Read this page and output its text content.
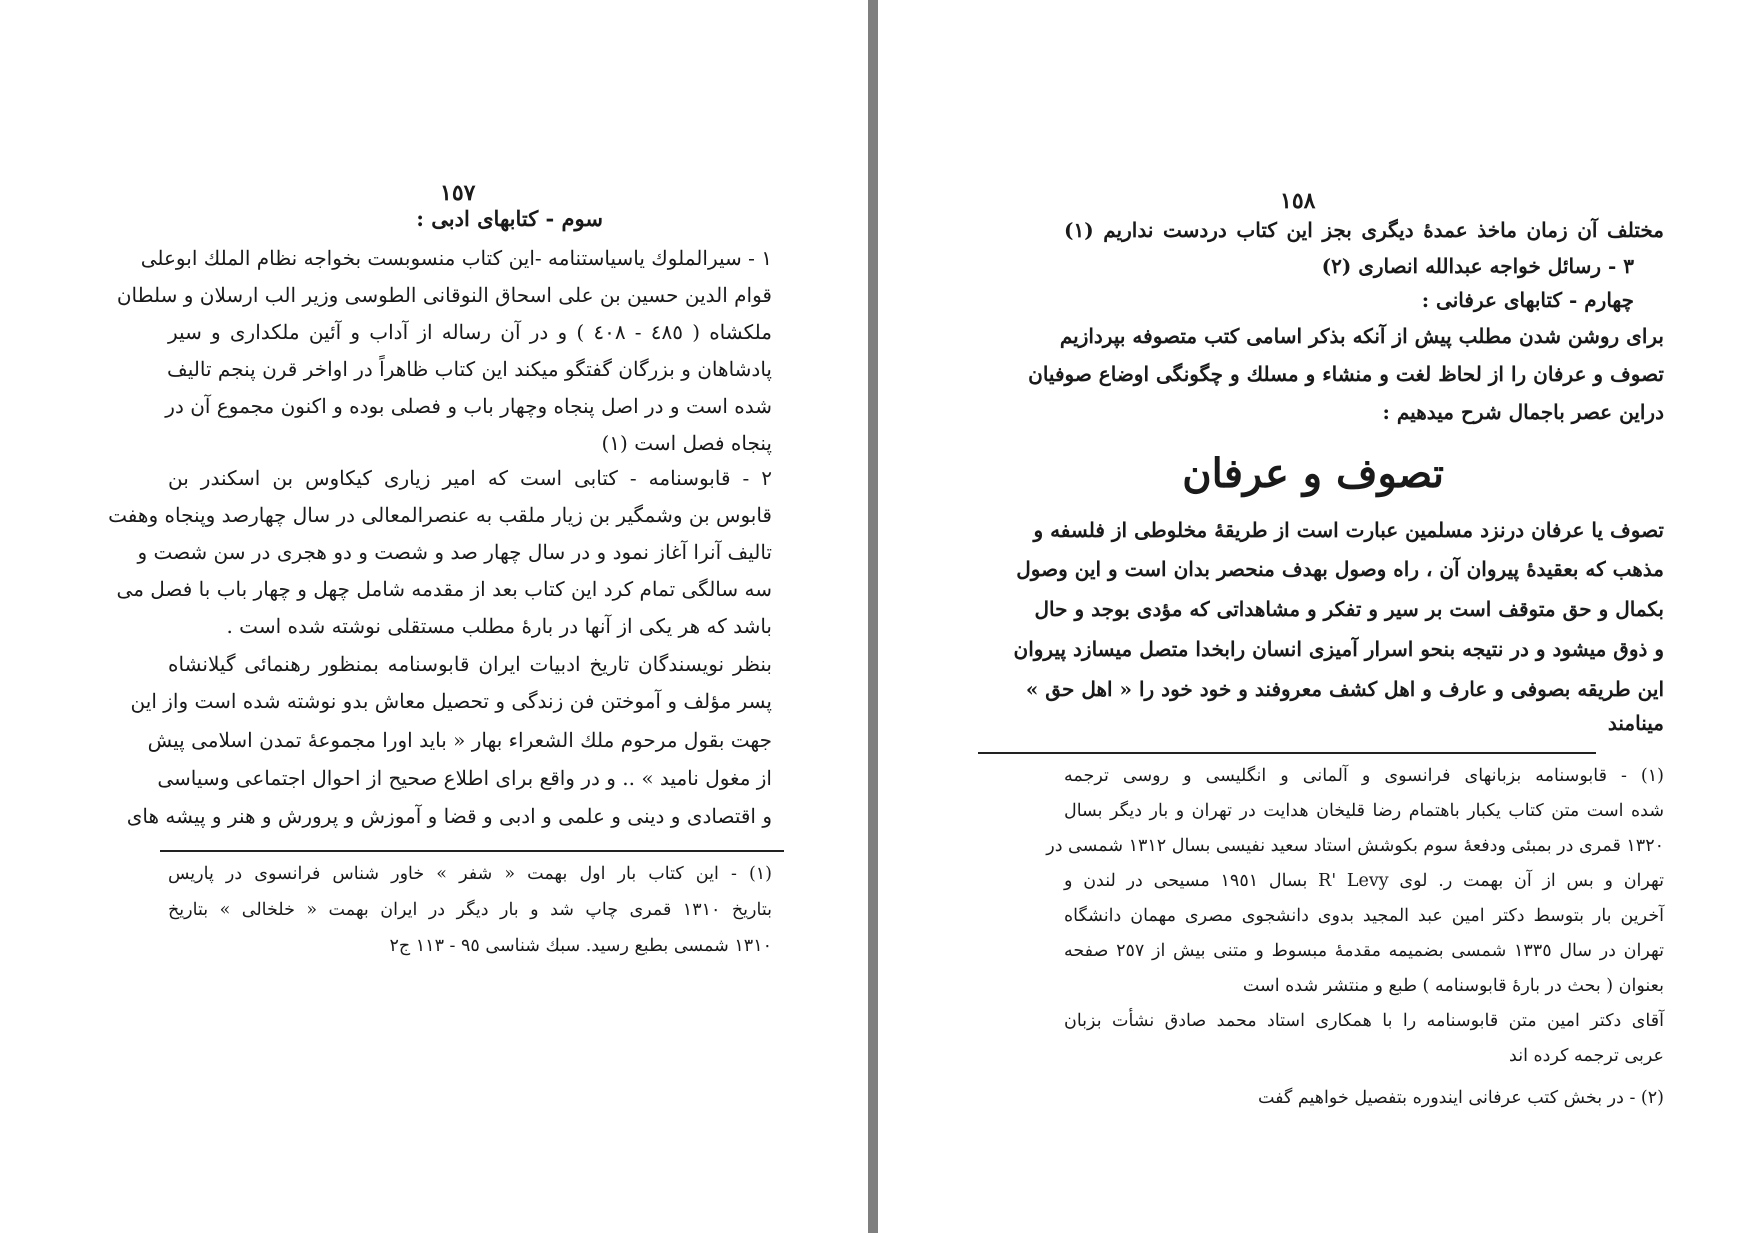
١٥٧
سوم - کتابهای ادبی :
١ - سیرالملوك یاسیاستنامه -این کتاب منسوبست بخواجه نظام الملك ابوعلی
قوام الدین حسین بن علی اسحاق النوقانی الطوسی وزیر الب ارسلان و سلطان
ملکشاه ( ٤٨٥ - ٤٠٨ ) و در آن رساله از آداب و آئین ملکداری و سیر
پادشاهان و بزرگان گفتگو میکند این کتاب ظاهراً در اواخر قرن پنجم تالیف
شده است و در اصل پنجاه وچهار باب و فصلی بوده و اکنون مجموع آن در
پنجاه فصل است (١)
٢ - قابوسنامه - کتابی است که امیر زیاری کیکاوس بن اسکندر بن
قابوس بن وشمگیر بن زیار ملقب به عنصرالمعالی در سال چهارصد وپنجاه وهفت
تالیف آنرا آغاز نمود و در سال چهار صد و شصت و دو هجری در سن شصت و
سه سالگی تمام کرد این کتاب بعد از مقدمه شامل چهل و چهار باب با فصل می
باشد که هر یکی از آنها در بارهٔ مطلب مستقلی نوشته شده است .
بنظر نویسندگان تاریخ ادبیات ایران قابوسنامه بمنظور رهنمائی گیلانشاه
پسر مؤلف و آموختن فن زندگی و تحصیل معاش بدو نوشته شده است واز این
جهت بقول مرحوم ملك الشعراء بهار « باید اورا مجموعهٔ تمدن اسلامی پیش
از مغول نامید » .. و در واقع برای اطلاع صحیح از احوال اجتماعی وسیاسی
و اقتصادی و دینی و علمی و ادبی و قضا و آموزش و پرورش و هنر و پیشه های
(١) - این کتاب بار اول بهمت « شفر » خاور شناس فرانسوی در پاریس
بتاریخ ١٣١٠ قمری چاپ شد و بار دیگر در ایران بهمت « خلخالی » بتاریخ
١٣١٠ شمسی بطبع رسید. سبك شناسی ٩٥ - ١١٣ ج٢
١٥٨
مختلف آن زمان ماخذ عمدهٔ دیگری بجز این کتاب دردست نداریم (١)
٣ - رسائل خواجه عبدالله انصاری (٢)
چهارم - کتابهای عرفانی :
برای روشن شدن مطلب پیش از آنکه بذکر اسامی کتب متصوفه بپردازیم
تصوف و عرفان را از لحاظ لغت و منشاء و مسلك و چگونگی اوضاع صوفیان
دراین عصر باجمال شرح میدهیم :
تصوف و عرفان
تصوف یا عرفان درنزد مسلمین عبارت است از طریقهٔ مخلوطی از فلسفه و
مذهب که بعقیدهٔ پیروان آن ، راه وصول بهدف منحصر بدان است و این وصول
بکمال و حق متوقف است بر سیر و تفکر و مشاهداتی که مؤدی بوجد و حال
و ذوق میشود و در نتیجه بنحو اسرار آمیزی انسان رابخدا متصل میسازد پیروان
این طریقه بصوفی و عارف و اهل کشف معروفند و خود خود را « اهل حق »
مینامند
(١) - قابوسنامه بزبانهای فرانسوی و آلمانی و انگلیسی و روسی ترجمه
شده است متن کتاب یکبار باهتمام رضا قلیخان هدایت در تهران و بار دیگر بسال
١٣٢٠ قمری در بمبئی ودفعهٔ سوم بکوشش استاد سعید نفیسی بسال ١٣١٢ شمسی در
تهران و بس از آن بهمت ر. لوی R' Levy بسال ١٩٥١ مسیحی در لندن و
آخرین بار بتوسط دکتر امین عبد المجید بدوی دانشجوی مصری مهمان دانشگاه
تهران در سال ١٣٣٥ شمسی بضمیمه مقدمهٔ مبسوط و متنی بیش از ٢٥٧ صفحه
بعنوان ( بحث در بارهٔ قابوسنامه ) طبع و منتشر شده است
آقای دکتر امین متن قابوسنامه را با همکاری استاد محمد صادق نشأت بزبان
عربی ترجمه کرده اند
(٢) - در بخش کتب عرفانی ایندوره بتفصیل خواهیم گفت
